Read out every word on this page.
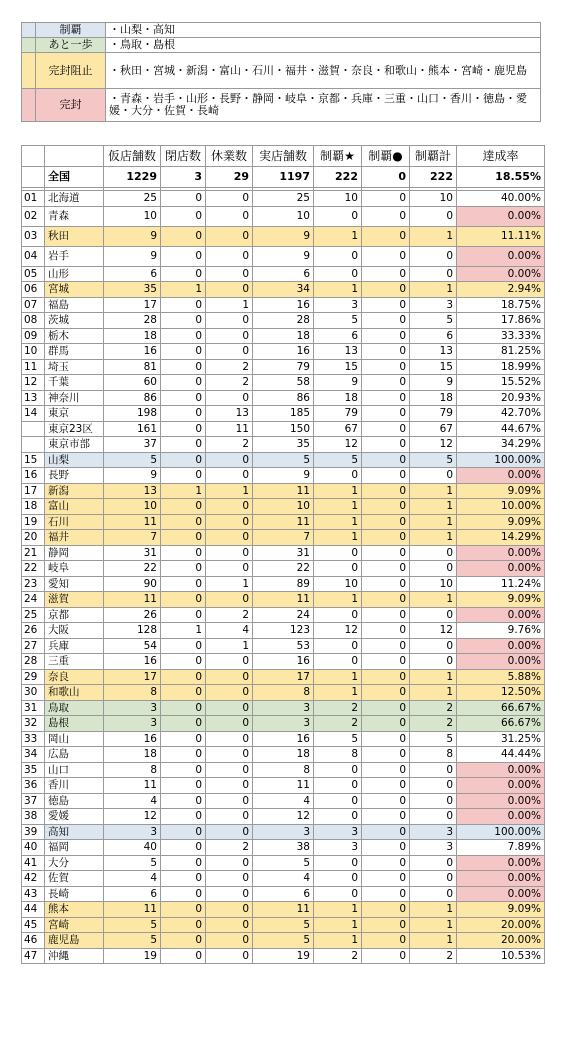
	制覇	・山梨・高知
	あと一歩	・鳥取・島根
	完封阻止	・秋田・宮城・新潟・富山・石川・福井・滋賀・奈良・和歌山・熊本・宮崎・鹿児島
	完封	・青森・岩手・山形・長野・静岡・岐阜・京都・兵庫・三重・山口・香川・徳島・愛媛・大分・佐賀・長崎
		仮店舗数	閉店数	休業数	実店舗数	制覇★	制覇●	制覇計	達成率
	全国	1229	3	29	1197	222	0	222	18.55%

01	北海道	25	0	0	25	10	0	10	40.00%
02	青森	10	0	0	10	0	0	0	0.00%
03	秋田	9	0	0	9	1	0	1	11.11%
04	岩手	9	0	0	9	0	0	0	0.00%
05	山形	6	0	0	6	0	0	0	0.00%
06	宮城	35	1	0	34	1	0	1	2.94%
07	福島	17	0	1	16	3	0	3	18.75%
08	茨城	28	0	0	28	5	0	5	17.86%
09	栃木	18	0	0	18	6	0	6	33.33%
10	群馬	16	0	0	16	13	0	13	81.25%
11	埼玉	81	0	2	79	15	0	15	18.99%
12	千葉	60	0	2	58	9	0	9	15.52%
13	神奈川	86	0	0	86	18	0	18	20.93%
14	東京	198	0	13	185	79	0	79	42.70%
	東京23区	161	0	11	150	67	0	67	44.67%
	東京市部	37	0	2	35	12	0	12	34.29%
15	山梨	5	0	0	5	5	0	5	100.00%
16	長野	9	0	0	9	0	0	0	0.00%
17	新潟	13	1	1	11	1	0	1	9.09%
18	富山	10	0	0	10	1	0	1	10.00%
19	石川	11	0	0	11	1	0	1	9.09%
20	福井	7	0	0	7	1	0	1	14.29%
21	静岡	31	0	0	31	0	0	0	0.00%
22	岐阜	22	0	0	22	0	0	0	0.00%
23	愛知	90	0	1	89	10	0	10	11.24%
24	滋賀	11	0	0	11	1	0	1	9.09%
25	京都	26	0	2	24	0	0	0	0.00%
26	大阪	128	1	4	123	12	0	12	9.76%
27	兵庫	54	0	1	53	0	0	0	0.00%
28	三重	16	0	0	16	0	0	0	0.00%
29	奈良	17	0	0	17	1	0	1	5.88%
30	和歌山	8	0	0	8	1	0	1	12.50%
31	鳥取	3	0	0	3	2	0	2	66.67%
32	島根	3	0	0	3	2	0	2	66.67%
33	岡山	16	0	0	16	5	0	5	31.25%
34	広島	18	0	0	18	8	0	8	44.44%
35	山口	8	0	0	8	0	0	0	0.00%
36	香川	11	0	0	11	0	0	0	0.00%
37	徳島	4	0	0	4	0	0	0	0.00%
38	愛媛	12	0	0	12	0	0	0	0.00%
39	高知	3	0	0	3	3	0	3	100.00%
40	福岡	40	0	2	38	3	0	3	7.89%
41	大分	5	0	0	5	0	0	0	0.00%
42	佐賀	4	0	0	4	0	0	0	0.00%
43	長崎	6	0	0	6	0	0	0	0.00%
44	熊本	11	0	0	11	1	0	1	9.09%
45	宮崎	5	0	0	5	1	0	1	20.00%
46	鹿児島	5	0	0	5	1	0	1	20.00%
47	沖縄	19	0	0	19	2	0	2	10.53%
